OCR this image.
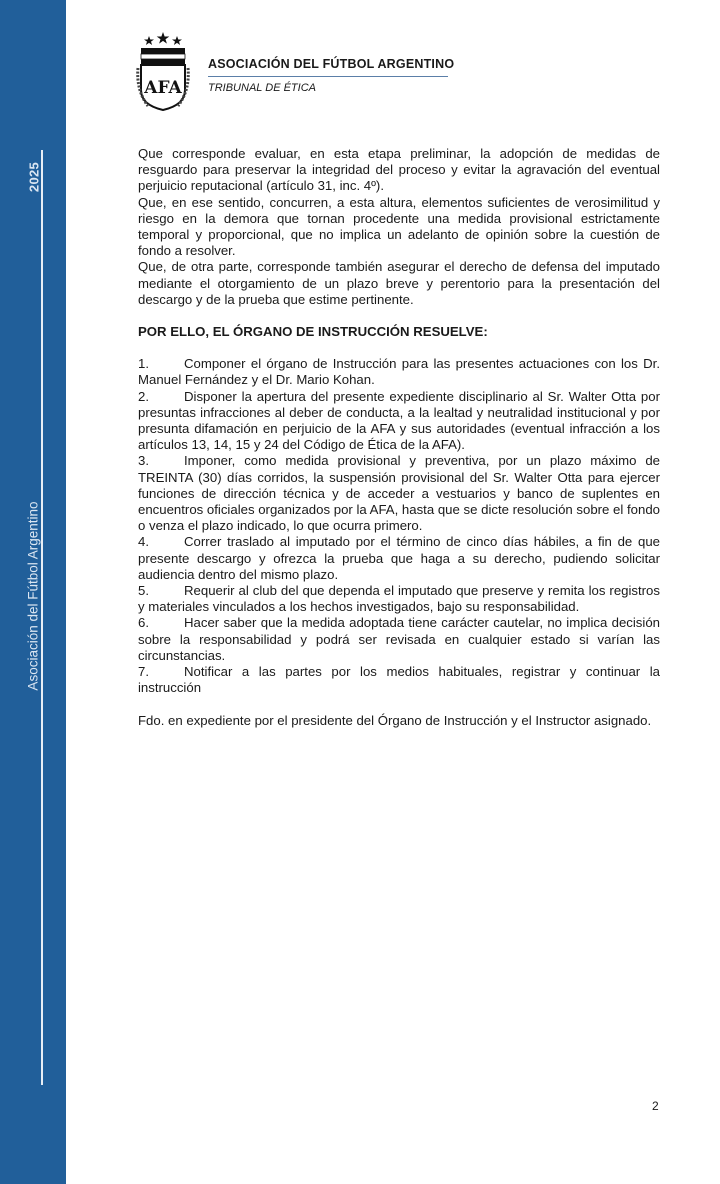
2025
Asociación del Fútbol Argentino
AFA
ASOCIACIÓN DEL FÚTBOL ARGENTINO
TRIBUNAL DE ÉTICA

Que corresponde evaluar, en esta etapa preliminar, la adopción de medidas de resguardo para preservar la integridad del proceso y evitar la agravación del eventual perjuicio reputacional (artículo 31, inc. 4º).

Que, en ese sentido, concurren, a esta altura, elementos suficientes de verosimilitud y riesgo en la demora que tornan procedente una medida provisional estrictamente temporal y proporcional, que no implica un adelanto de opinión sobre la cuestión de fondo a resolver.

Que, de otra parte, corresponde también asegurar el derecho de defensa del imputado mediante el otorgamiento de un plazo breve y perentorio para la presentación del descargo y de la prueba que estime pertinente.

POR ELLO, EL ÓRGANO DE INSTRUCCIÓN RESUELVE:

1.	Componer el órgano de Instrucción para las presentes actuaciones con los Dr. Manuel Fernández y el Dr. Mario Kohan.

2.	Disponer la apertura del presente expediente disciplinario al Sr. Walter Otta por presuntas infracciones al deber de conducta, a la lealtad y neutralidad institucional y por presunta difamación en perjuicio de la AFA y sus autoridades (eventual infracción a los artículos 13, 14, 15 y 24 del Código de Ética de la AFA).

3.	Imponer, como medida provisional y preventiva, por un plazo máximo de TREINTA (30) días corridos, la suspensión provisional del Sr. Walter Otta para ejercer funciones de dirección técnica y de acceder a vestuarios y banco de suplentes en encuentros oficiales organizados por la AFA, hasta que se dicte resolución sobre el fondo o venza el plazo indicado, lo que ocurra primero.

4.	Correr traslado al imputado por el término de cinco días hábiles, a fin de que presente descargo y ofrezca la prueba que haga a su derecho, pudiendo solicitar audiencia dentro del mismo plazo.

5.	Requerir al club del que dependa el imputado que preserve y remita los registros y materiales vinculados a los hechos investigados, bajo su responsabilidad.

6.	Hacer saber que la medida adoptada tiene carácter cautelar, no implica decisión sobre la responsabilidad y podrá ser revisada en cualquier estado si varían las circunstancias.

7.	Notificar a las partes por los medios habituales, registrar y continuar la instrucción

Fdo. en expediente por el presidente del Órgano de Instrucción y el Instructor asignado.

2
